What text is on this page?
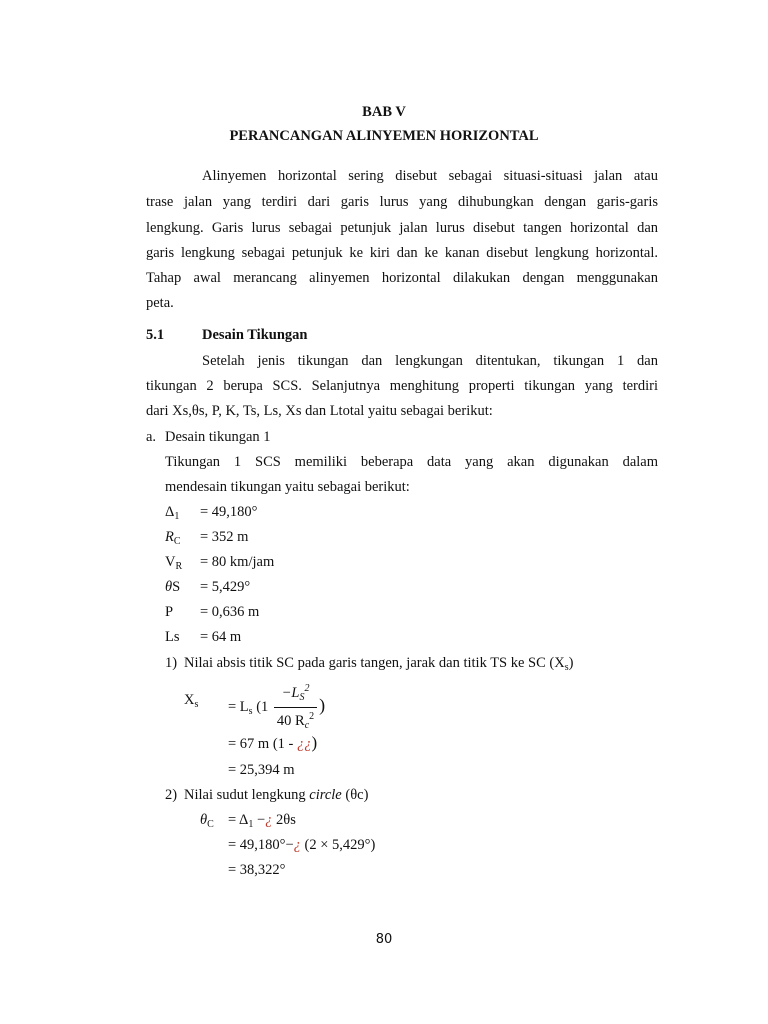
BAB V
PERANCANGAN ALINYEMEN HORIZONTAL
Alinyemen horizontal sering disebut sebagai situasi-situasi jalan atau
trase jalan yang terdiri dari garis lurus yang dihubungkan dengan garis-garis
lengkung. Garis lurus sebagai petunjuk jalan lurus disebut tangen horizontal dan
garis lengkung sebagai petunjuk ke kiri dan ke kanan disebut lengkung horizontal.
Tahap awal merancang alinyemen horizontal dilakukan dengan menggunakan
peta.
5.1	Desain Tikungan
Setelah jenis tikungan dan lengkungan ditentukan, tikungan 1 dan
tikungan 2 berupa SCS. Selanjutnya menghitung properti tikungan yang terdiri
dari Xs,θs, P, K, Ts, Ls, Xs dan Ltotal yaitu sebagai berikut:
a. Desain tikungan 1
Tikungan 1 SCS memiliki beberapa data yang akan digunakan dalam
mendesain tikungan yaitu sebagai berikut:
$\Delta_1 = 49,180^\circ$
$R_C = 352$ m
$V_R = 80$ km/jam
θS = 5,429°
P = 0,636 m
Ls = 64 m
1) Nilai absis titik SC pada garis tangen, jarak dan titik TS ke SC $(X_s)$
$X_s = L_s$ ($1 \frac{-L_S^2}{40 R_c^2}$ )
= 67 m (1 - ¿¿)
= 25,394 m
2) Nilai sudut lengkung circle (θc)
$\theta_C = \Delta_1$ −¿ 2θs
= 49,180°−¿ (2 × 5,429°)
= 38,322°
80
